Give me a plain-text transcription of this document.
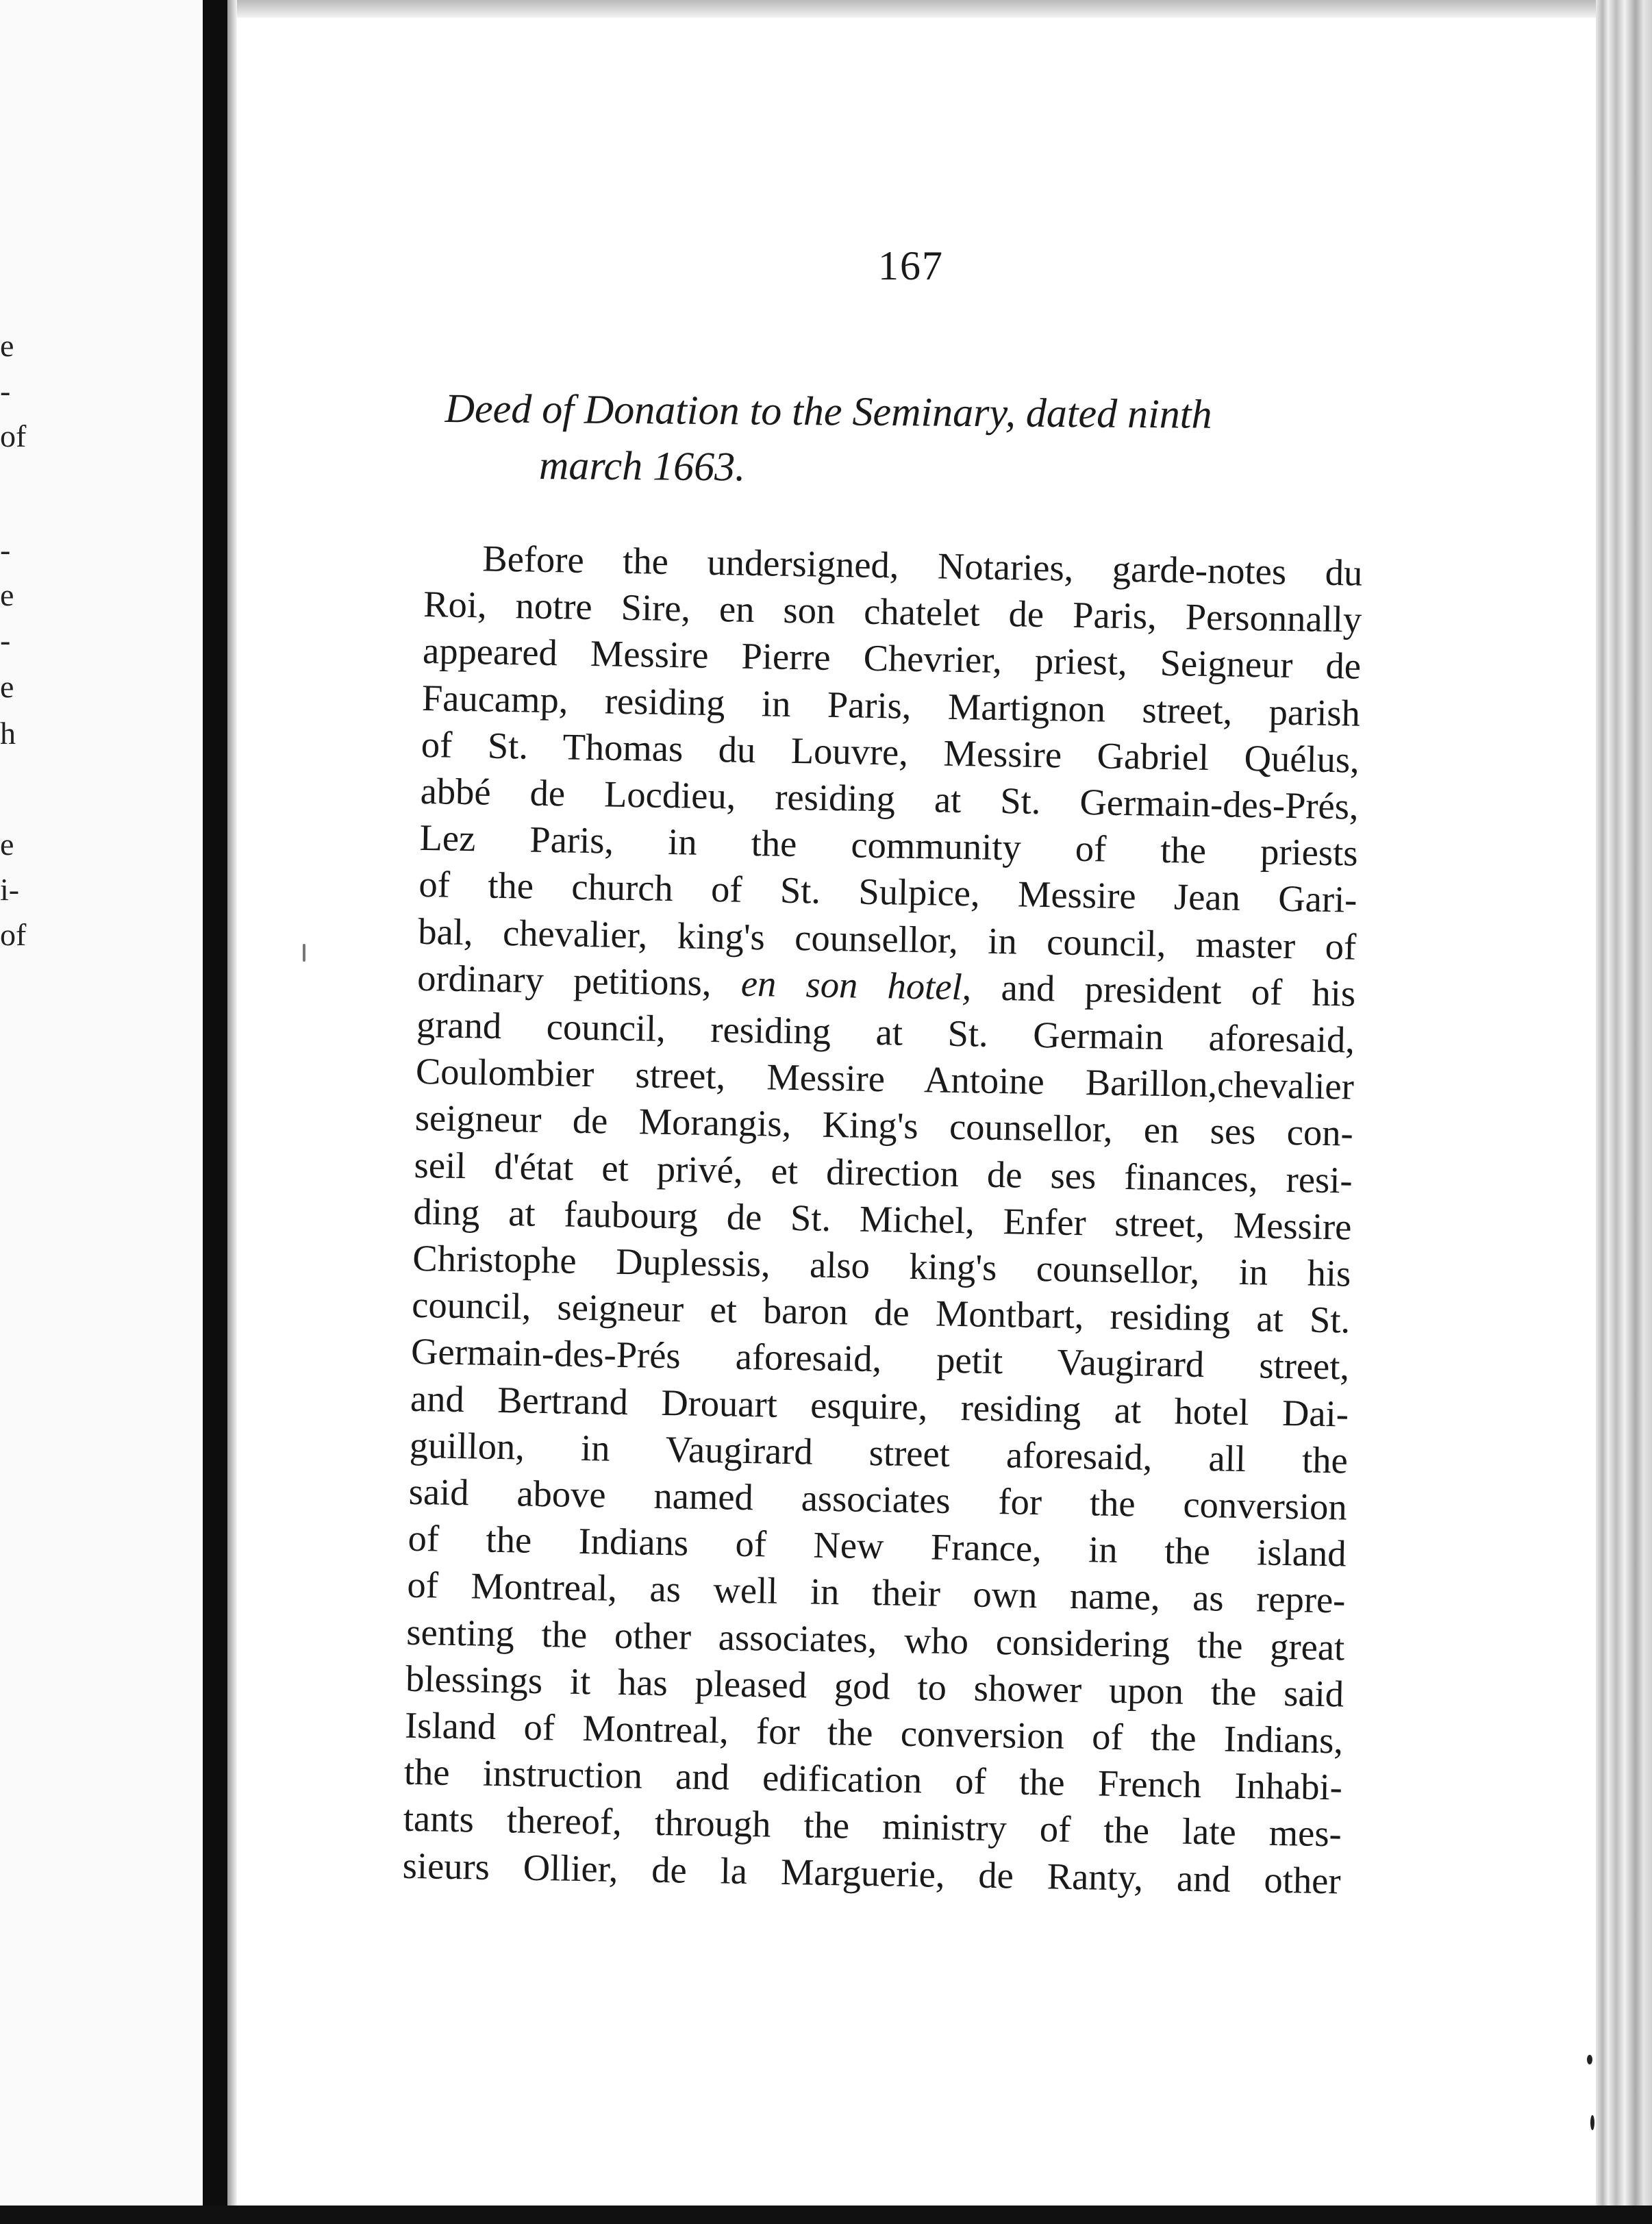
e
-
of
-
e
-
e
h
e
i-
of
167
Deed of Donation to the Seminary, dated ninth
march 1663.
Before the undersigned, Notaries, garde-notes du
Roi, notre Sire, en son chatelet de Paris, Personnally
appeared Messire Pierre Chevrier, priest, Seigneur de
Faucamp, residing in Paris, Martignon street, parish
of St. Thomas du Louvre, Messire Gabriel Quélus,
abbé de Locdieu, residing at St. Germain-des-Prés,
Lez Paris, in the community of the priests
of the church of St. Sulpice, Messire Jean Gari-
bal, chevalier, king's counsellor, in council, master of
ordinary petitions, en son hotel, and president of his
grand council, residing at St. Germain aforesaid,
Coulombier street, Messire Antoine Barillon,chevalier
seigneur de Morangis, King's counsellor, en ses con-
seil d'état et privé, et direction de ses finances, resi-
ding at faubourg de St. Michel, Enfer street, Messire
Christophe Duplessis, also king's counsellor, in his
council, seigneur et baron de Montbart, residing at St.
Germain-des-Prés aforesaid, petit Vaugirard street,
and Bertrand Drouart esquire, residing at hotel Dai-
guillon, in Vaugirard street aforesaid, all the
said above named associates for the conversion
of the Indians of New France, in the island
of Montreal, as well in their own name, as repre-
senting the other associates, who considering the great
blessings it has pleased god to shower upon the said
Island of Montreal, for the conversion of the Indians,
the instruction and edification of the French Inhabi-
tants thereof, through the ministry of the late mes-
sieurs Ollier, de la Marguerie, de Ranty, and other
